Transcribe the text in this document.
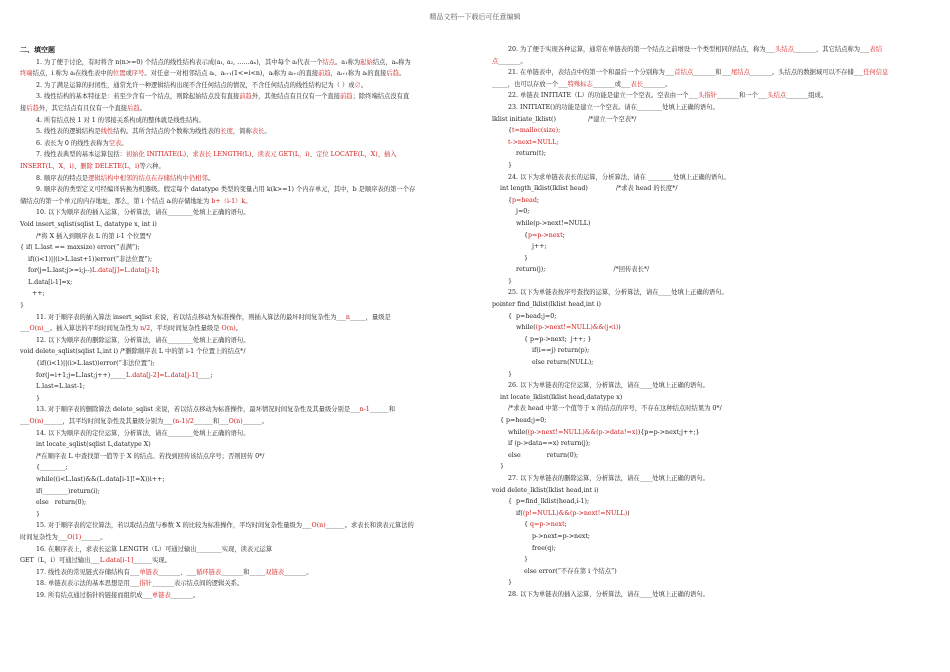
精品文档---下载后可任意编辑
二、填空题
1. 为了便于讨论，有时将含 n(n>=0) 个结点的线性结构表示成(a₁, a₂, ……aₙ)，其中每个 aᵢ代表一个结点。a₁称为起始结点，aₙ称为
终端结点，i 称为 aᵢ在线性表中的位置或序号。对任意一对相邻结点 aᵢ、aᵢ₊₁(1<=i<n)，aᵢ称为 aᵢ₊₁的直接前趋，aᵢ₊₁称为 aᵢ的直接后趋。
2. 为了满足运算的封闭性，通常允许一种逻辑结构出现不含任何结点的情况，不含任何结点的线性结构记为（ ）或∅。
3. 线性结构的基本特征是：若至少含有一个结点，则除起始结点没有直接前趋外，其他结点有且仅有一个直接前趋；除终端结点没有直
接后趋外，其它结点有且仅有一个直接后趋。
4. 所有结点按 1 对 1 的邻接关系构成的整体就是线性结构。
5. 线性表的逻辑结构是线性结构。其所含结点的个数称为线性表的长度，简称表长。
6. 表长为 0 的线性表称为空表。
7. 线性表典型的基本运算包括：初始化 INITIATE(L)、求表长 LENGTH(L)、读表元 GET(L，i)、定位 LOCATE(L，X)、插入
INSERT(L，X，i)、删除 DELETE(L，i)等六种。
8. 顺序表的特点是逻辑结构中相邻的结点在存储结构中仍相邻。
9. 顺序表的类型定义可经编译转换为机器级。假定每个 datatype 类型的变量占用 k(k>=1) 个内存单元，其中，b 是顺序表的第一个存
储结点的第一个单元的内存地址，那么，第 i 个结点 aᵢ的存储地址为 b+（i-1）k。
10. 以下为顺序表的插入运算，分析算法，请在________处填上正确的语句。
Void insert_sqlist(sqlist L, datatype x, int i)
/*将 X 插入到顺序表 L 的第 i-1 个位置*/
{ if( L.last == maxsize) error(“表满”);
if((i<1)||(i>L.last+1))error(“非法位置”);
for(j=L.last;j>=i;j--)L.data[j]=L.data[j-1];
L.data[i-1]=x;
++;
}
11. 对于顺序表的插入算法 insert_sqlist 来说，若以结点移动为标准操作，则插入算法的最坏时间复杂性为___n_____，量级是
___O(n)__。插入算法的平均时间复杂性为 n/2，平均时间复杂性量级是 O(n)。
12. 以下为顺序表的删除运算，分析算法，请在________处填上正确的语句。
void delete_sqlist(sqlist L,int i) /*删除顺序表 L 中的第 i-1 个位置上的结点*/
{if((i<1)||(i>L.last))error(“非法位置”);
for(j=i+1;j=L.last;j++)_____L.data[j-2]=L.data[j-1]____;
L.last=L.last-1;
}
13. 对于顺序表的删除算法 delete_sqlist 来说，若以结点移动为标准操作，最坏情况时间复杂性及其量级分别是___n-1______和
___O(n)______，其平均时间复杂性及其量级分别为___(n-1)/2______和___O(n)______。
14. 以下为顺序表的定位运算，分析算法，请在________处填上正确的语句。
int locate_sqlist(sqlist L,datatype X)
/*在顺序表 L 中查找第一值等于 X 的结点。若找到回传该结点序号；否则回传 0*/
{________;
while((i<L.last)&&(L.data[i-1]!=X))i++;
if(________)return(i);
else   return(0);
}
15. 对于顺序表的定位算法，若以取结点值与参数 X 的比较为标准操作，平均时间复杂性量级为___O(n)______。求表长和读表元算法的
时间复杂性为___O(1)______。
16. 在顺序表上，求表长运算 LENGTH（L）可通过输出________实现，读表元运算
GET（L，i）可通过输出___L.data[i-1]______实现。
17. 线性表的常见链式存储结构有___单链表_______、___循环链表_______和_____双链表_______。
18. 单链表表示法的基本思想是用___指针_______表示结点间的逻辑关系。
19. 所有结点通过指针的链接而组织成___单链表_______。
20. 为了便于实现各种运算，通常在单链表的第一个结点之前增设一个类型相同的结点，称为___头结点_______，其它结点称为___表结
点_______。
21. 在单链表中，表结点中的第一个和最后一个分别称为___首结点_______和___尾结点_______。头结点的数据域可以不存储___任何信息
_____，也可以存放一个___特殊标志_______或___表长_______。
22. 单链表 INITIATE（L）的功能是建立一个空表。空表由一个___头指针_______和一个___头结点_______组成。
23. INITIATE()的功能是建立一个空表。请在________处填上正确的语句。
lklist initiate_lklist()                /*建立一个空表*/
{t=malloc(size);
t->next=NULL;
return(t);
}
24. 以下为求单链表表长的运算，分析算法，请在 ________处填上正确的语句。
int length_lklist(lklist head)              /*求表 head 的长度*/
{p=head;
j=0;
while(p->next!=NULL)
{p=p->next;
j++;
}
return(j);                                  /*回传表长*/
}
25. 以下为单链表按序号查找的运算，分析算法，请在____处填上正确的语句。
pointer find_lklist(lklist head,int i)
{  p=head;j=0;
while((p->next!=NULL)&&(j<i))
{ p=p->next;  j++; }
if(i==j) return(p);
else return(NULL);
}
26. 以下为单链表的定位运算，分析算法，请在____处填上正确的语句。
int locate_lklist(lklist head,datatype x)
/*求表 head 中第一个值等于 x 的结点的序号，不存在这种结点时结果为 0*/
{ p=head;j=0;
while((p->next!=NULL)&&(p->data!=x)){p=p->next;j++;}
if (p->data==x) return(j);
else             return(0);
}
27. 以下为单链表的删除运算，分析算法，请在____处填上正确的语句。
void delete_lklist(lklist head,int i)
{  p=find_lklist(head,i-1);
if((p!=NULL)&&(p->next!=NULL))
{ q=p->next;
p->next=p->next;
free(q);
}
else error(“不存在第 i 个结点”)
}
28. 以下为单链表的插入运算，分析算法，请在____处填上正确的语句。
